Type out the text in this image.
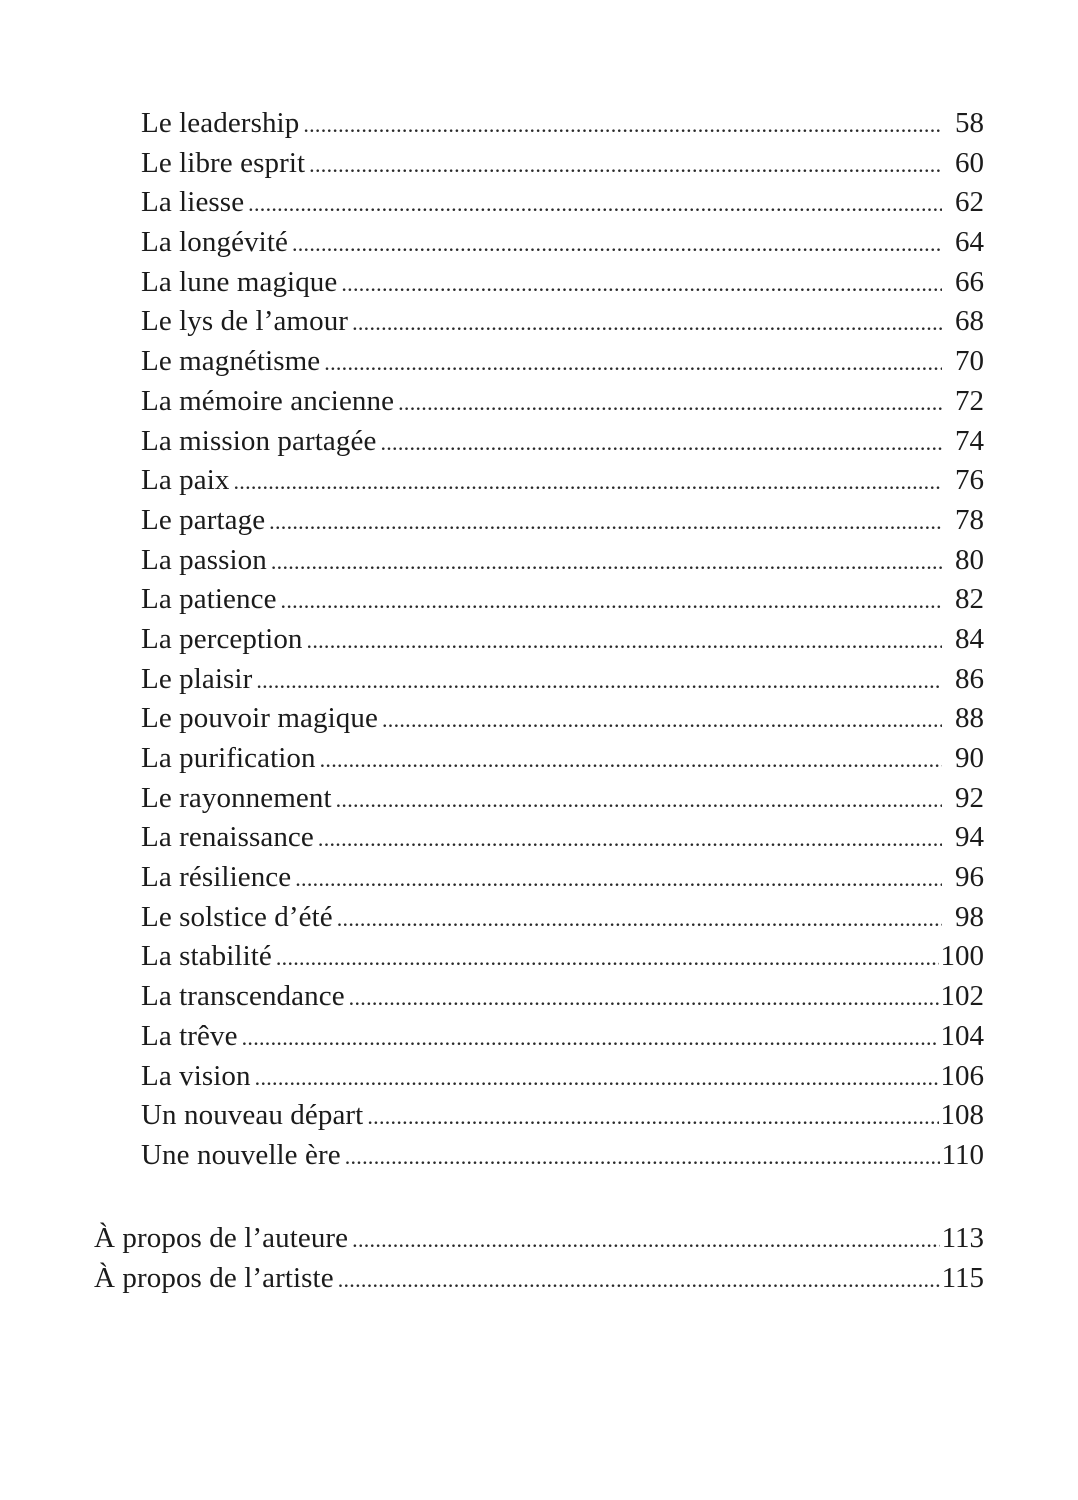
Le leadership . . .	58
Le libre esprit . . .	60
La liesse . . .	62
La longévité . . .	64
La lune magique . . .	66
Le lys de l’amour . . .	68
Le magnétisme . . .	70
La mémoire ancienne . . .	72
La mission partagée . . .	74
La paix . . .	76
Le partage . . .	78
La passion . . .	80
La patience . . .	82
La perception . . .	84
Le plaisir . . .	86
Le pouvoir magique . . .	88
La purification . . .	90
Le rayonnement . . .	92
La renaissance . . .	94
La résilience . . .	96
Le solstice d’été . . .	98
La stabilité . . .	100
La transcendance . . .	102
La trêve . . .	104
La vision . . .	106
Un nouveau départ . . .	108
Une nouvelle ère . . .	110
À propos de l’auteure . . .	113
À propos de l’artiste . . .	115
